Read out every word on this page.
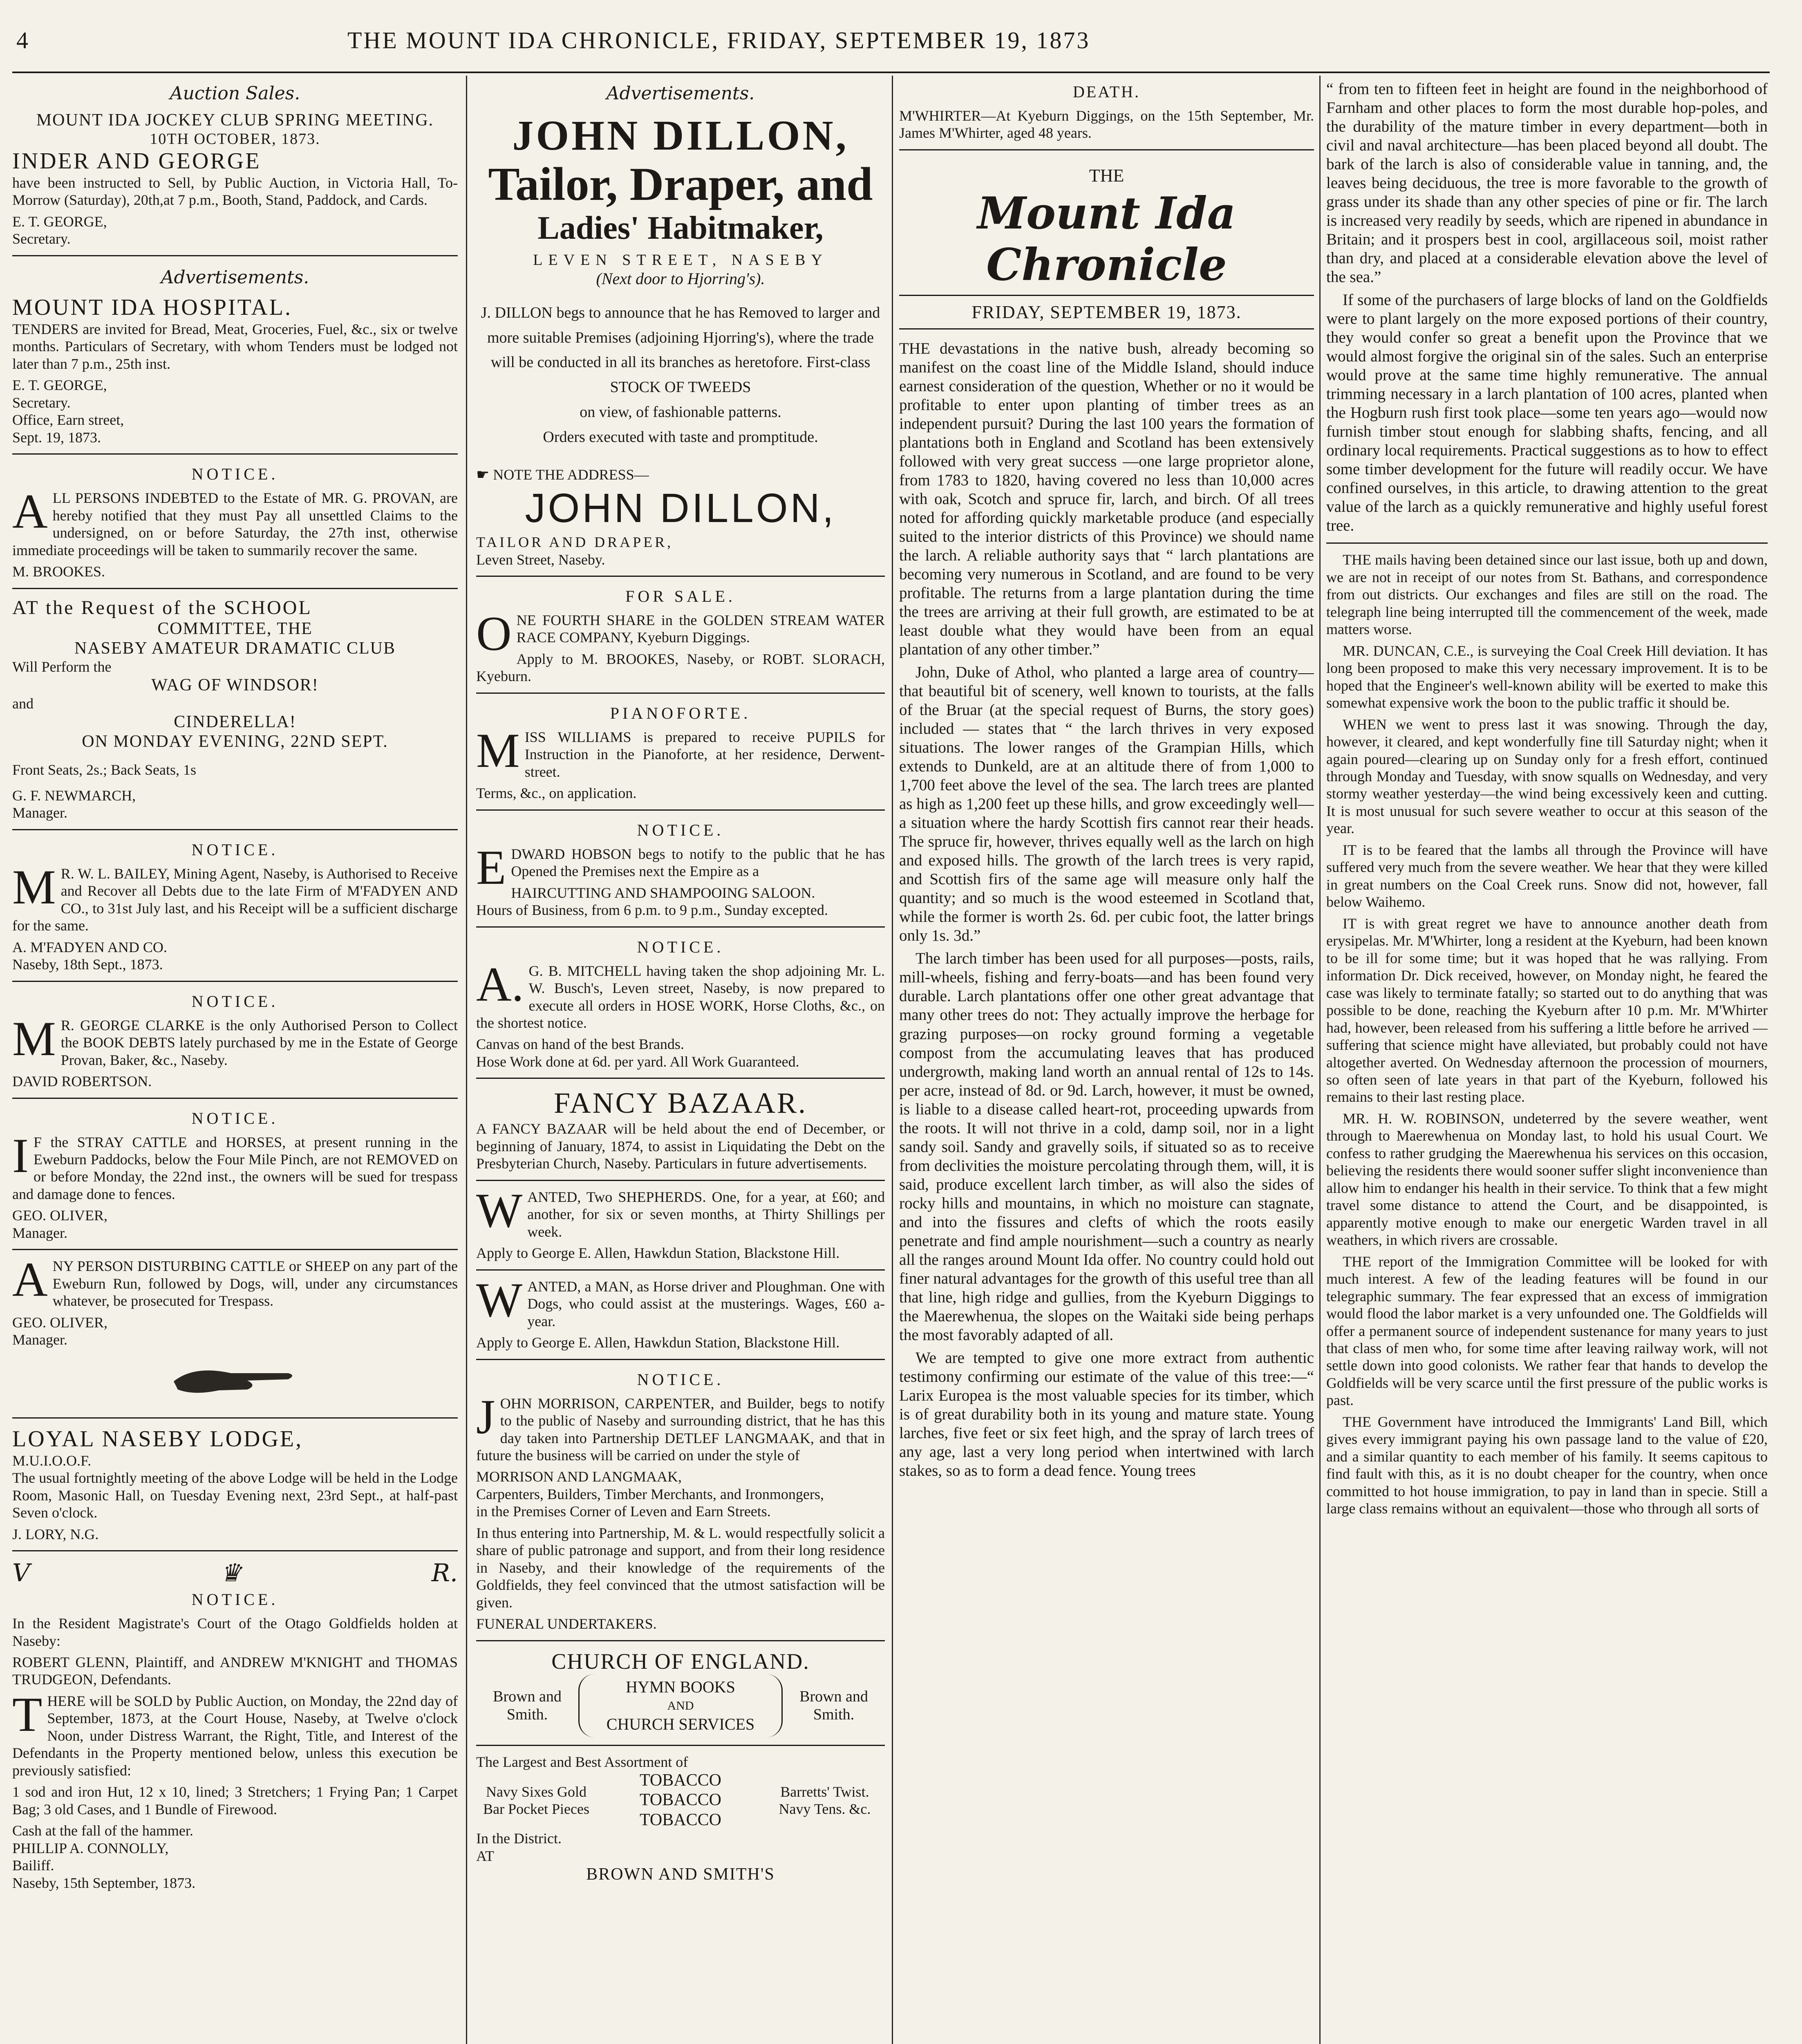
4	THE MOUNT IDA CHRONICLE, FRIDAY, SEPTEMBER 19, 1873
Auction Sales.
MOUNT IDA JOCKEY CLUB SPRING MEETING.
10TH OCTOBER, 1873.
INDER AND GEORGE
have been instructed to Sell, by Public Auction, in Victoria Hall, To-Morrow (Saturday), 20th,at 7 p.m., Booth, Stand, Paddock, and Cards.
E. T. GEORGE,
Secretary.
Advertisements.
MOUNT IDA HOSPITAL.
TENDERS are invited for Bread, Meat, Groceries, Fuel, &c., six or twelve months. Particulars of Secretary, with whom Tenders must be lodged not later than 7 p.m., 25th inst.
E. T. GEORGE,
Secretary.
Office, Earn street,
Sept. 19, 1873.
NOTICE.
ALL PERSONS INDEBTED to the Estate of MR. G. PROVAN, are hereby notified that they must Pay all unsettled Claims to the undersigned, on or before Saturday, the 27th inst, otherwise immediate proceedings will be taken to summarily recover the same.
M. BROOKES.
AT the Request of the SCHOOL
COMMITTEE, THE
NASEBY AMATEUR DRAMATIC CLUB
Will Perform the
WAG OF WINDSOR!
and
CINDERELLA!
ON MONDAY EVENING, 22ND SEPT.
Front Seats, 2s.; Back Seats, 1s
G. F. NEWMARCH,
Manager.
NOTICE.
MR. W. L. BAILEY, Mining Agent, Naseby, is Authorised to Receive and Recover all Debts due to the late Firm of M'FADYEN AND CO., to 31st July last, and his Receipt will be a sufficient discharge for the same.
A. M'FADYEN AND CO.
Naseby, 18th Sept., 1873.
NOTICE.
MR. GEORGE CLARKE is the only Authorised Person to Collect the BOOK DEBTS lately purchased by me in the Estate of George Provan, Baker, &c., Naseby.
DAVID ROBERTSON.
NOTICE.
IF the STRAY CATTLE and HORSES, at present running in the Eweburn Paddocks, below the Four Mile Pinch, are not REMOVED on or before Monday, the 22nd inst., the owners will be sued for trespass and damage done to fences.
GEO. OLIVER,
Manager.
ANY PERSON DISTURBING CATTLE or SHEEP on any part of the Eweburn Run, followed by Dogs, will, under any circumstances whatever, be prosecuted for Trespass.
GEO. OLIVER,
Manager.
LOYAL NASEBY LODGE,
M.U.I.O.O.F.
The usual fortnightly meeting of the above Lodge will be held in the Lodge Room, Masonic Hall, on Tuesday Evening next, 23rd Sept., at half-past Seven o'clock.
J. LORY, N.G.
V	♛	R.
NOTICE.
In the Resident Magistrate's Court of the Otago Goldfields holden at Naseby:
ROBERT GLENN, Plaintiff, and ANDREW M'KNIGHT and THOMAS TRUDGEON, Defendants.
THERE will be SOLD by Public Auction, on Monday, the 22nd day of September, 1873, at the Court House, Naseby, at Twelve o'clock Noon, under Distress Warrant, the Right, Title, and Interest of the Defendants in the Property mentioned below, unless this execution be previously satisfied:
1 sod and iron Hut, 12 x 10, lined; 3 Stretchers; 1 Frying Pan; 1 Carpet Bag; 3 old Cases, and 1 Bundle of Firewood.
Cash at the fall of the hammer.
PHILLIP A. CONNOLLY,
Bailiff.
Naseby, 15th September, 1873.
Advertisements.
JOHN DILLON,
Tailor, Draper, and
Ladies' Habitmaker,
LEVEN STREET, NASEBY
(Next door to Hjorring's).
J. DILLON begs to announce that he has Removed to larger and more suitable Premises (adjoining Hjorring's), where the trade will be conducted in all its branches as heretofore. First-class
STOCK OF TWEEDS
on view, of fashionable patterns.
Orders executed with taste and promptitude.
☛ NOTE THE ADDRESS—
JOHN DILLON,
TAILOR AND DRAPER,
Leven Street, Naseby.
FOR SALE.
ONE FOURTH SHARE in the GOLDEN STREAM WATER RACE COMPANY, Kyeburn Diggings.
Apply to M. BROOKES, Naseby, or ROBT. SLORACH, Kyeburn.
PIANOFORTE.
MISS WILLIAMS is prepared to receive PUPILS for Instruction in the Pianoforte, at her residence, Derwent-street.
Terms, &c., on application.
NOTICE.
EDWARD HOBSON begs to notify to the public that he has Opened the Premises next the Empire as a
HAIRCUTTING AND SHAMPOOING SALOON.
Hours of Business, from 6 p.m. to 9 p.m., Sunday excepted.
NOTICE.
A.G. B. MITCHELL having taken the shop adjoining Mr. L. W. Busch's, Leven street, Naseby, is now prepared to execute all orders in HOSE WORK, Horse Cloths, &c., on the shortest notice.
Canvas on hand of the best Brands.
Hose Work done at 6d. per yard. All Work Guaranteed.
FANCY BAZAAR.
A FANCY BAZAAR will be held about the end of December, or beginning of January, 1874, to assist in Liquidating the Debt on the Presbyterian Church, Naseby. Particulars in future advertisements.
WANTED, Two SHEPHERDS. One, for a year, at £60; and another, for six or seven months, at Thirty Shillings per week.
Apply to George E. Allen, Hawkdun Station, Blackstone Hill.
WANTED, a MAN, as Horse driver and Ploughman. One with Dogs, who could assist at the musterings. Wages, £60 a-year.
Apply to George E. Allen, Hawkdun Station, Blackstone Hill.
NOTICE.
JOHN MORRISON, CARPENTER, and Builder, begs to notify to the public of Naseby and surrounding district, that he has this day taken into Partnership DETLEF LANGMAAK, and that in future the business will be carried on under the style of
MORRISON AND LANGMAAK,
Carpenters, Builders, Timber Merchants, and Ironmongers,
in the Premises Corner of Leven and Earn Streets.
In thus entering into Partnership, M. & L. would respectfully solicit a share of public patronage and support, and from their long residence in Naseby, and their knowledge of the requirements of the Goldfields, they feel convinced that the utmost satisfaction will be given.
FUNERAL UNDERTAKERS.
CHURCH OF ENGLAND.
Brown and Smith.
HYMN BOOKS
AND
CHURCH SERVICES
Brown and Smith.
The Largest and Best Assortment of
Navy Sixes Gold Bar Pocket Pieces
TOBACCO
TOBACCO
TOBACCO
Barretts' Twist. Navy Tens. &c.
In the District.
AT
BROWN AND SMITH'S
DEATH.
M'WHIRTER—At Kyeburn Diggings, on the 15th September, Mr. James M'Whirter, aged 48 years.
THE
Mount Ida Chronicle
FRIDAY, SEPTEMBER 19, 1873.

THE devastations in the native bush, already becoming so manifest on the coast line of the Middle Island, should induce earnest consideration of the question, Whether or no it would be profitable to enter upon planting of timber trees as an independent pursuit? During the last 100 years the formation of plantations both in England and Scotland has been extensively followed with very great success —one large proprietor alone, from 1783 to 1820, having covered no less than 10,000 acres with oak, Scotch and spruce fir, larch, and birch. Of all trees noted for affording quickly marketable produce (and especially suited to the interior districts of this Province) we should name the larch. A reliable authority says that “ larch plantations are becoming very numerous in Scotland, and are found to be very profitable. The returns from a large plantation during the time the trees are arriving at their full growth, are estimated to be at least double what they would have been from an equal plantation of any other timber.”

John, Duke of Athol, who planted a large area of country—that beautiful bit of scenery, well known to tourists, at the falls of the Bruar (at the special request of Burns, the story goes) included — states that “ the larch thrives in very exposed situations. The lower ranges of the Grampian Hills, which extends to Dunkeld, are at an altitude there of from 1,000 to 1,700 feet above the level of the sea. The larch trees are planted as high as 1,200 feet up these hills, and grow exceedingly well—a situation where the hardy Scottish firs cannot rear their heads. The spruce fir, however, thrives equally well as the larch on high and exposed hills. The growth of the larch trees is very rapid, and Scottish firs of the same age will measure only half the quantity; and so much is the wood esteemed in Scotland that, while the former is worth 2s. 6d. per cubic foot, the latter brings only 1s. 3d.”

The larch timber has been used for all purposes—posts, rails, mill-wheels, fishing and ferry-boats—and has been found very durable. Larch plantations offer one other great advantage that many other trees do not: They actually improve the herbage for grazing purposes—on rocky ground forming a vegetable compost from the accumulating leaves that has produced undergrowth, making land worth an annual rental of 12s to 14s. per acre, instead of 8d. or 9d. Larch, however, it must be owned, is liable to a disease called heart-rot, proceeding upwards from the roots. It will not thrive in a cold, damp soil, nor in a light sandy soil. Sandy and gravelly soils, if situated so as to receive from declivities the moisture percolating through them, will, it is said, produce excellent larch timber, as will also the sides of rocky hills and mountains, in which no moisture can stagnate, and into the fissures and clefts of which the roots easily penetrate and find ample nourishment—such a country as nearly all the ranges around Mount Ida offer. No country could hold out finer natural advantages for the growth of this useful tree than all that line, high ridge and gullies, from the Kyeburn Diggings to the Maerewhenua, the slopes on the Waitaki side being perhaps the most favorably adapted of all.

We are tempted to give one more extract from authentic testimony confirming our estimate of the value of this tree:—“ Larix Europea is the most valuable species for its timber, which is of great durability both in its young and mature state. Young larches, five feet or six feet high, and the spray of larch trees of any age, last a very long period when intertwined with larch stakes, so as to form a dead fence. Young trees

“ from ten to fifteen feet in height are found in the neighborhood of Farnham and other places to form the most durable hop-poles, and the durability of the mature timber in every department—both in civil and naval architecture—has been placed beyond all doubt. The bark of the larch is also of considerable value in tanning, and, the leaves being deciduous, the tree is more favorable to the growth of grass under its shade than any other species of pine or fir. The larch is increased very readily by seeds, which are ripened in abundance in Britain; and it prospers best in cool, argillaceous soil, moist rather than dry, and placed at a considerable elevation above the level of the sea.”

If some of the purchasers of large blocks of land on the Goldfields were to plant largely on the more exposed portions of their country, they would confer so great a benefit upon the Province that we would almost forgive the original sin of the sales. Such an enterprise would prove at the same time highly remunerative. The annual trimming necessary in a larch plantation of 100 acres, planted when the Hogburn rush first took place—some ten years ago—would now furnish timber stout enough for slabbing shafts, fencing, and all ordinary local requirements. Practical suggestions as to how to effect some timber development for the future will readily occur. We have confined ourselves, in this article, to drawing attention to the great value of the larch as a quickly remunerative and highly useful forest tree.

THE mails having been detained since our last issue, both up and down, we are not in receipt of our notes from St. Bathans, and correspondence from out districts. Our exchanges and files are still on the road. The telegraph line being interrupted till the commencement of the week, made matters worse.

MR. DUNCAN, C.E., is surveying the Coal Creek Hill deviation. It has long been proposed to make this very necessary improvement. It is to be hoped that the Engineer's well-known ability will be exerted to make this somewhat expensive work the boon to the public traffic it should be.

WHEN we went to press last it was snowing. Through the day, however, it cleared, and kept wonderfully fine till Saturday night; when it again poured—clearing up on Sunday only for a fresh effort, continued through Monday and Tuesday, with snow squalls on Wednesday, and very stormy weather yesterday—the wind being excessively keen and cutting. It is most unusual for such severe weather to occur at this season of the year.

IT is to be feared that the lambs all through the Province will have suffered very much from the severe weather. We hear that they were killed in great numbers on the Coal Creek runs. Snow did not, however, fall below Waihemo.

IT is with great regret we have to announce another death from erysipelas. Mr. M'Whirter, long a resident at the Kyeburn, had been known to be ill for some time; but it was hoped that he was rallying. From information Dr. Dick received, however, on Monday night, he feared the case was likely to terminate fatally; so started out to do anything that was possible to be done, reaching the Kyeburn after 10 p.m. Mr. M'Whirter had, however, been released from his suffering a little before he arrived — suffering that science might have alleviated, but probably could not have altogether averted. On Wednesday afternoon the procession of mourners, so often seen of late years in that part of the Kyeburn, followed his remains to their last resting place.

MR. H. W. ROBINSON, undeterred by the severe weather, went through to Maerewhenua on Monday last, to hold his usual Court. We confess to rather grudging the Maerewhenua his services on this occasion, believing the residents there would sooner suffer slight inconvenience than allow him to endanger his health in their service. To think that a few might travel some distance to attend the Court, and be disappointed, is apparently motive enough to make our energetic Warden travel in all weathers, in which rivers are crossable.

THE report of the Immigration Committee will be looked for with much interest. A few of the leading features will be found in our telegraphic summary. The fear expressed that an excess of immigration would flood the labor market is a very unfounded one. The Goldfields will offer a permanent source of independent sustenance for many years to just that class of men who, for some time after leaving railway work, will not settle down into good colonists. We rather fear that hands to develop the Goldfields will be very scarce until the first pressure of the public works is past.

THE Government have introduced the Immigrants' Land Bill, which gives every immigrant paying his own passage land to the value of £20, and a similar quantity to each member of his family. It seems capitous to find fault with this, as it is no doubt cheaper for the country, when once committed to hot house immigration, to pay in land than in specie. Still a large class remains without an equivalent—those who through all sorts of
